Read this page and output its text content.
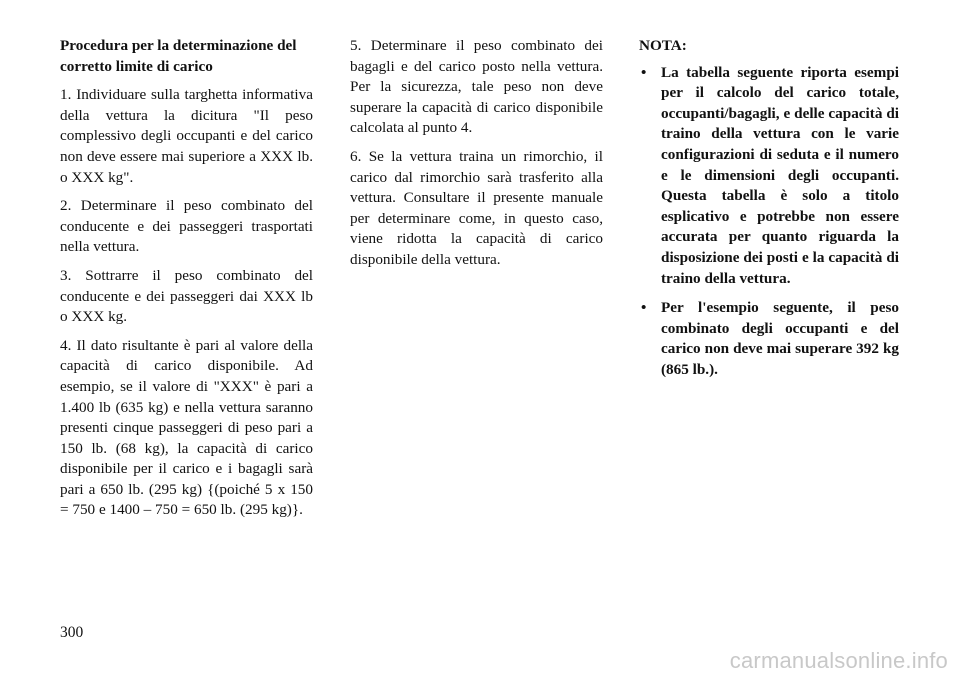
Procedura per la determinazione del corretto limite di carico

1. Individuare sulla targhetta informativa della vettura la dicitura "Il peso complessivo degli occupanti e del carico non deve essere mai superiore a XXX lb. o XXX kg".

2. Determinare il peso combinato del conducente e dei passeggeri trasportati nella vettura.

3. Sottrarre il peso combinato del conducente e dei passeggeri dai XXX lb o XXX kg.

4. Il dato risultante è pari al valore della capacità di carico disponibile. Ad esempio, se il valore di "XXX" è pari a 1.400 lb (635 kg) e nella vettura saranno presenti cinque passeggeri di peso pari a 150 lb. (68 kg), la capacità di carico disponibile per il carico e i bagagli sarà pari a 650 lb. (295 kg) {(poiché 5 x 150 = 750 e 1400 – 750 = 650 lb. (295 kg)}.

5. Determinare il peso combinato dei bagagli e del carico posto nella vettura. Per la sicurezza, tale peso non deve superare la capacità di carico disponibile calcolata al punto 4.

6. Se la vettura traina un rimorchio, il carico dal rimorchio sarà trasferito alla vettura. Consultare il presente manuale per determinare come, in questo caso, viene ridotta la capacità di carico disponibile della vettura.

NOTA:

• La tabella seguente riporta esempi per il calcolo del carico totale, occupanti/bagagli, e delle capacità di traino della vettura con le varie configurazioni di seduta e il numero e le dimensioni degli occupanti. Questa tabella è solo a titolo esplicativo e potrebbe non essere accurata per quanto riguarda la disposizione dei posti e la capacità di traino della vettura.
• Per l'esempio seguente, il peso combinato degli occupanti e del carico non deve mai superare 392 kg (865 lb.).
300
carmanualsonline.info
